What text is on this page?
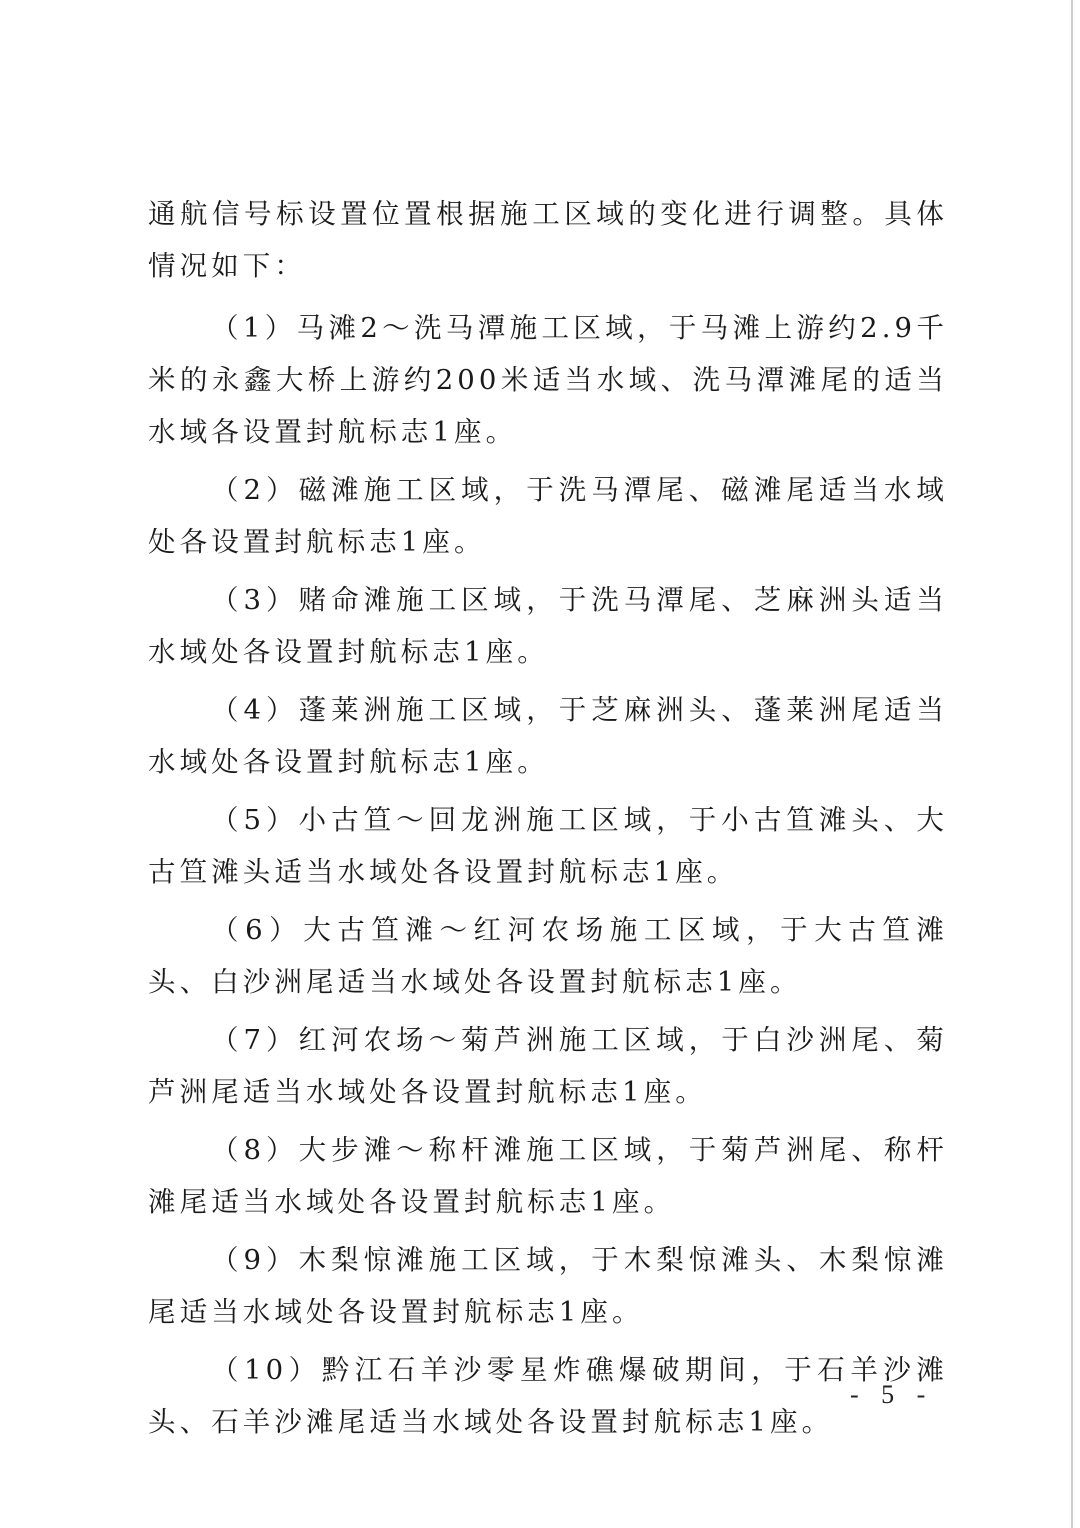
通航信号标设置位置根据施工区域的变化进行调整。具体情况如下：

（1）马滩2～洗马潭施工区域，于马滩上游约2.9千米的永鑫大桥上游约200米适当水域、洗马潭滩尾的适当水域各设置封航标志1座。

（2）磁滩施工区域，于洗马潭尾、磁滩尾适当水域处各设置封航标志1座。

（3）赌命滩施工区域，于洗马潭尾、芝麻洲头适当水域处各设置封航标志1座。

（4）蓬莱洲施工区域，于芝麻洲头、蓬莱洲尾适当水域处各设置封航标志1座。

（5）小古笪～回龙洲施工区域，于小古笪滩头、大古笪滩头适当水域处各设置封航标志1座。

（6）大古笪滩～红河农场施工区域，于大古笪滩头、白沙洲尾适当水域处各设置封航标志1座。

（7）红河农场～菊芦洲施工区域，于白沙洲尾、菊芦洲尾适当水域处各设置封航标志1座。

（8）大步滩～称杆滩施工区域，于菊芦洲尾、称杆滩尾适当水域处各设置封航标志1座。

（9）木梨惊滩施工区域，于木梨惊滩头、木梨惊滩尾适当水域处各设置封航标志1座。

（10）黔江石羊沙零星炸礁爆破期间，于石羊沙滩头、石羊沙滩尾适当水域处各设置封航标志1座。

- 5 -
